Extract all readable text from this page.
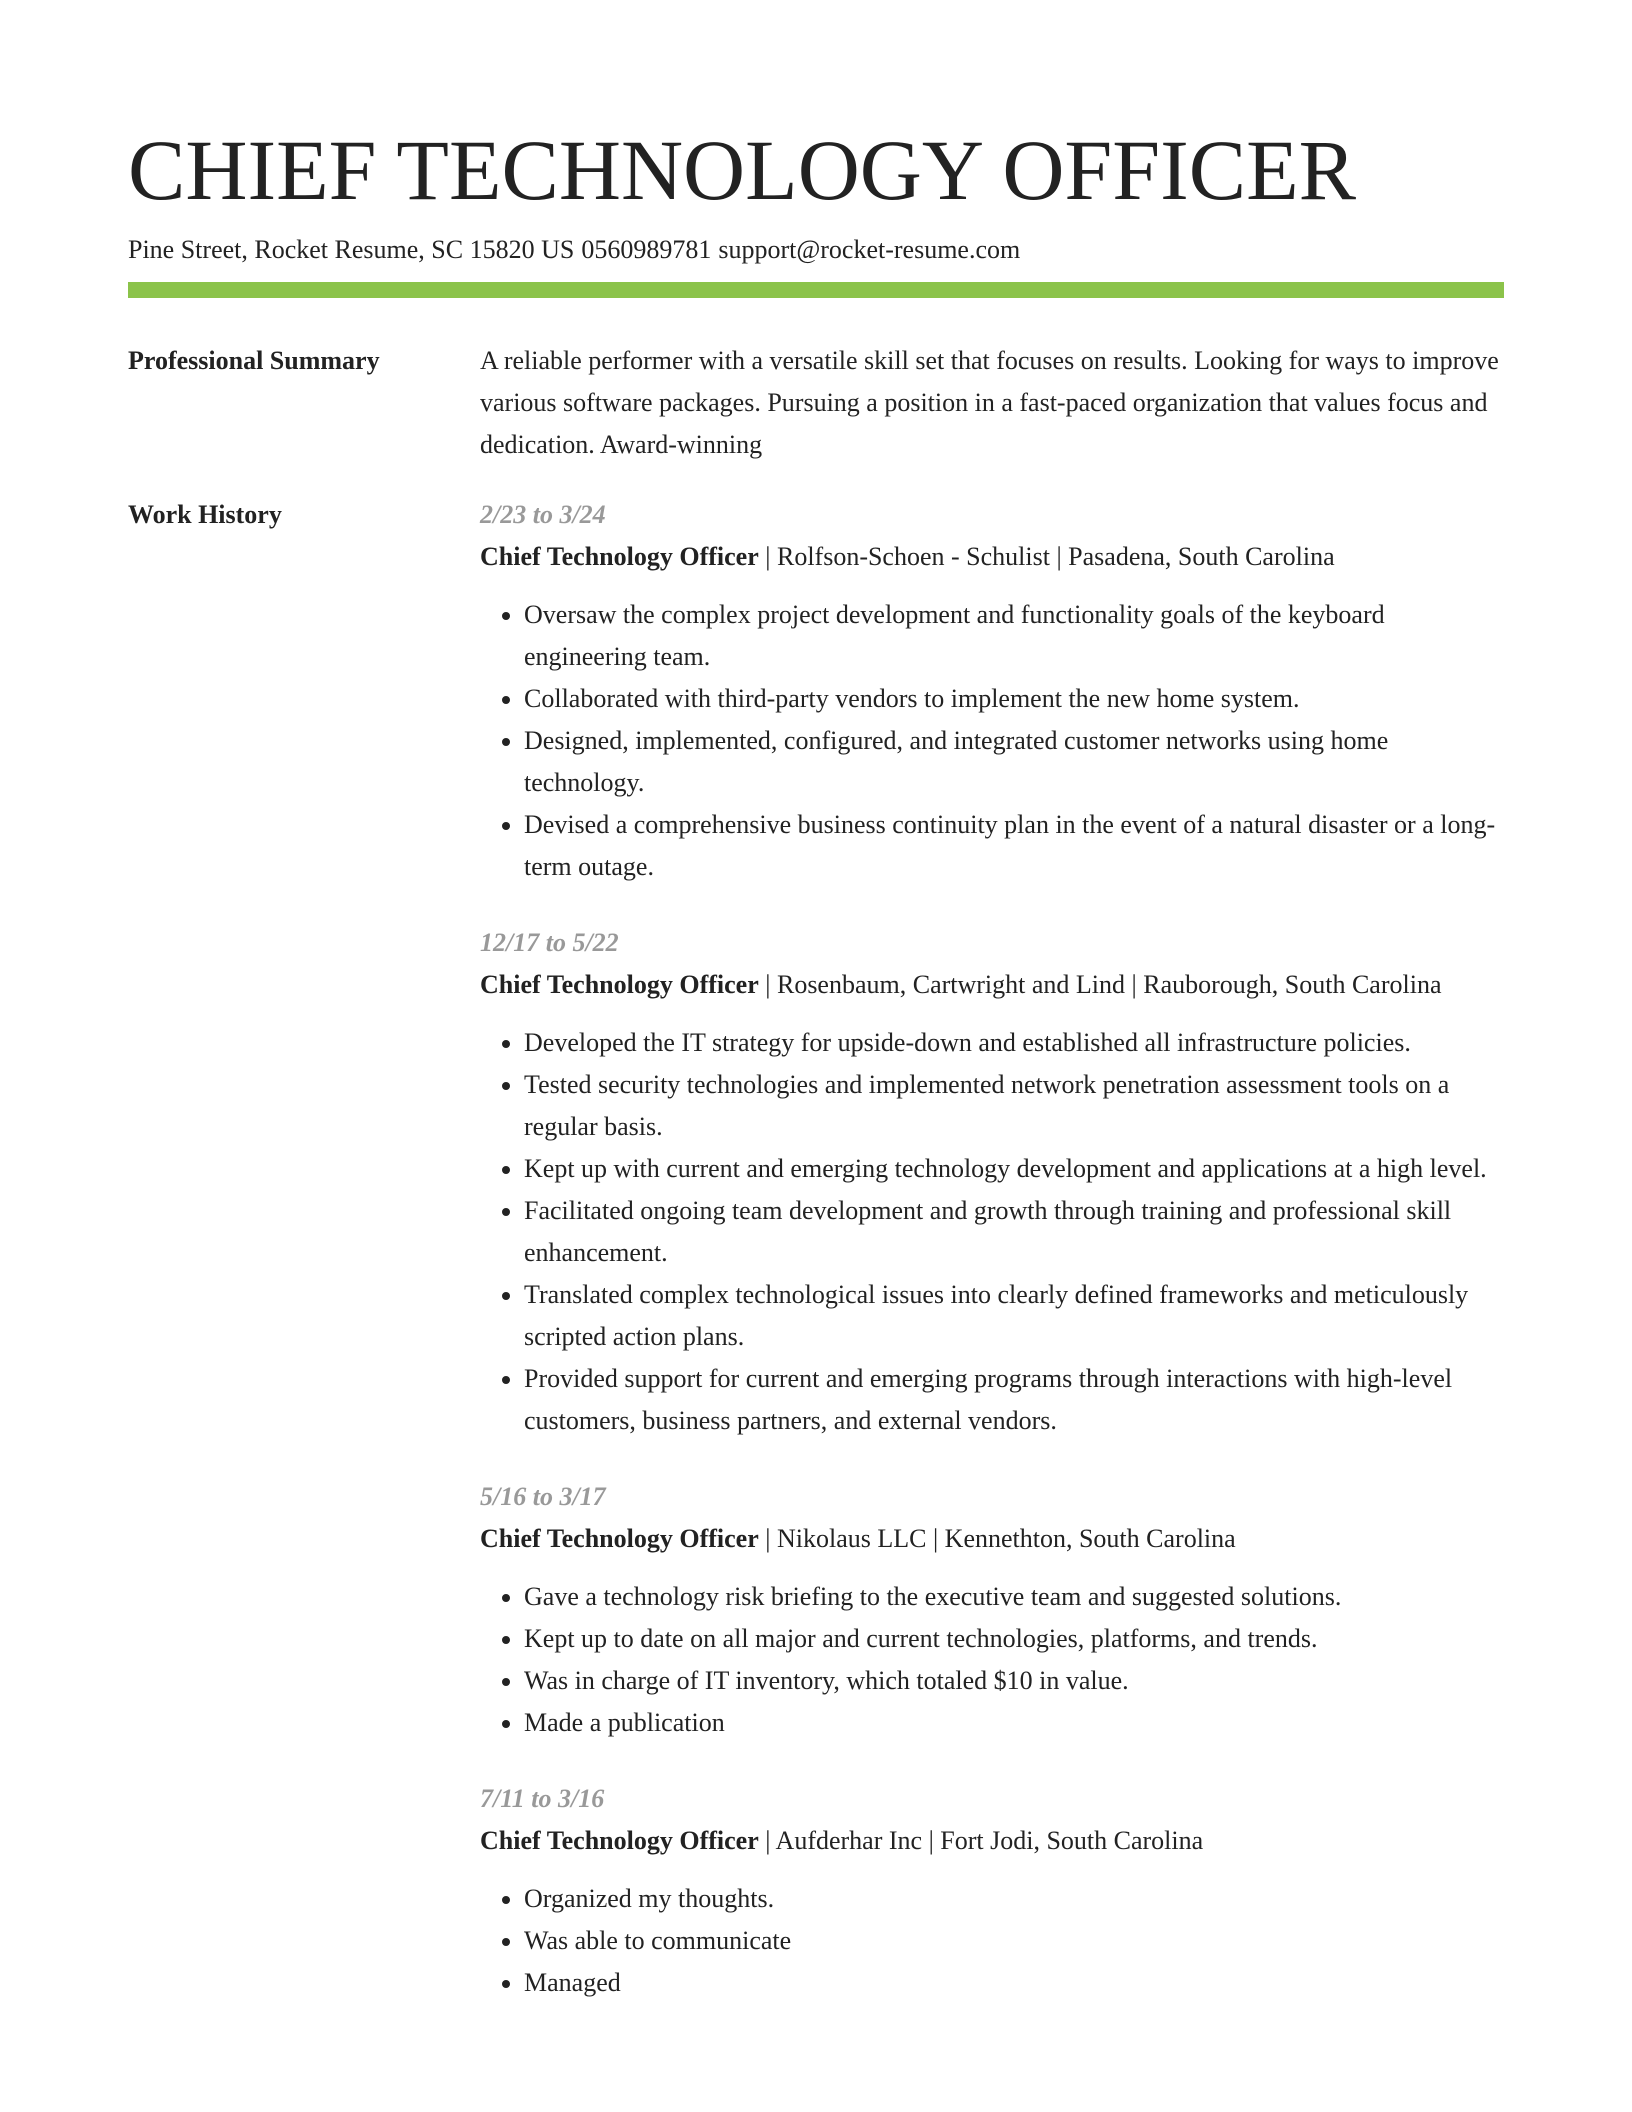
CHIEF TECHNOLOGY OFFICER
Pine Street, Rocket Resume, SC 15820 US 0560989781 support@rocket-resume.com
Professional Summary	A reliable performer with a versatile skill set that focuses on results. Looking for ways to improve various software packages. Pursuing a position in a fast-paced organization that values focus and dedication. Award-winning

Work History	2/23 to 3/24
Chief Technology Officer | Rolfson-Schoen - Schulist | Pasadena, South Carolina
• Oversaw the complex project development and functionality goals of the keyboard engineering team.
• Collaborated with third-party vendors to implement the new home system.
• Designed, implemented, configured, and integrated customer networks using home technology.
• Devised a comprehensive business continuity plan in the event of a natural disaster or a long-term outage.
12/17 to 5/22
Chief Technology Officer | Rosenbaum, Cartwright and Lind | Rauborough, South Carolina
• Developed the IT strategy for upside-down and established all infrastructure policies.
• Tested security technologies and implemented network penetration assessment tools on a regular basis.
• Kept up with current and emerging technology development and applications at a high level.
• Facilitated ongoing team development and growth through training and professional skill enhancement.
• Translated complex technological issues into clearly defined frameworks and meticulously scripted action plans.
• Provided support for current and emerging programs through interactions with high-level customers, business partners, and external vendors.
5/16 to 3/17
Chief Technology Officer | Nikolaus LLC | Kennethton, South Carolina
• Gave a technology risk briefing to the executive team and suggested solutions.
• Kept up to date on all major and current technologies, platforms, and trends.
• Was in charge of IT inventory, which totaled $10 in value.
• Made a publication
7/11 to 3/16
Chief Technology Officer | Aufderhar Inc | Fort Jodi, South Carolina
• Organized my thoughts.
• Was able to communicate
• Managed
